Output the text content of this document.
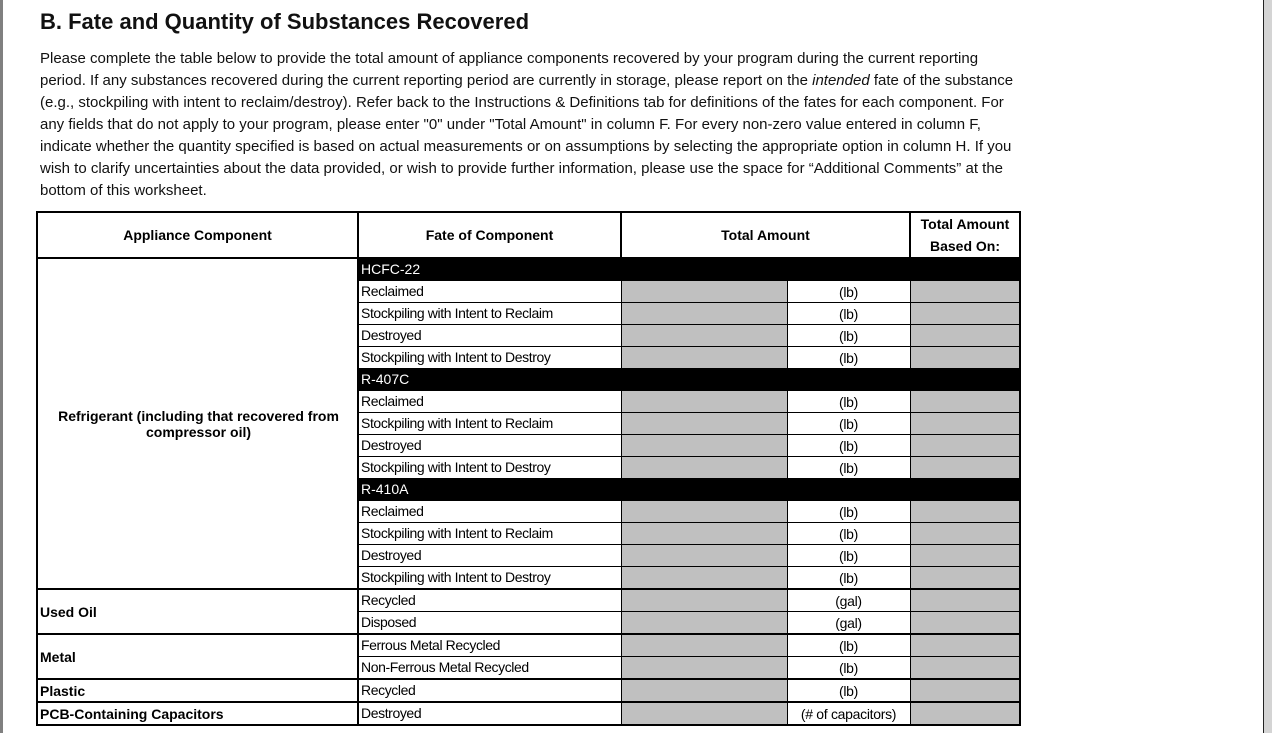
B. Fate and Quantity of Substances Recovered

Please complete the table below to provide the total amount of appliance components recovered by your program during the current reporting period. If any substances recovered during the current reporting period are currently in storage, please report on the intended fate of the substance (e.g., stockpiling with intent to reclaim/destroy). Refer back to the Instructions & Definitions tab for definitions of the fates for each component. For any fields that do not apply to your program, please enter "0" under "Total Amount" in column F. For every non-zero value entered in column F, indicate whether the quantity specified is based on actual measurements or on assumptions by selecting the appropriate option in column H. If you wish to clarify uncertainties about the data provided, or wish to provide further information, please use the space for “Additional Comments” at the bottom of this worksheet.

Appliance Component	Fate of Component	Total Amount		Total Amount
Based On:
Refrigerant (including that recovered from compressor oil)	HCFC-22			
	Reclaimed		(lb)	
	Stockpiling with Intent to Reclaim		(lb)	
	Destroyed		(lb)	
	Stockpiling with Intent to Destroy		(lb)	
	R-407C			
	Reclaimed		(lb)	
	Stockpiling with Intent to Reclaim		(lb)	
	Destroyed		(lb)	
	Stockpiling with Intent to Destroy		(lb)	
	R-410A			
	Reclaimed		(lb)	
	Stockpiling with Intent to Reclaim		(lb)	
	Destroyed		(lb)	
	Stockpiling with Intent to Destroy		(lb)	
Used Oil	Recycled		(gal)	
	Disposed		(gal)	
Metal	Ferrous Metal Recycled		(lb)	
	Non-Ferrous Metal Recycled		(lb)	
Plastic	Recycled		(lb)	
PCB-Containing Capacitors	Destroyed		(# of capacitors)	
